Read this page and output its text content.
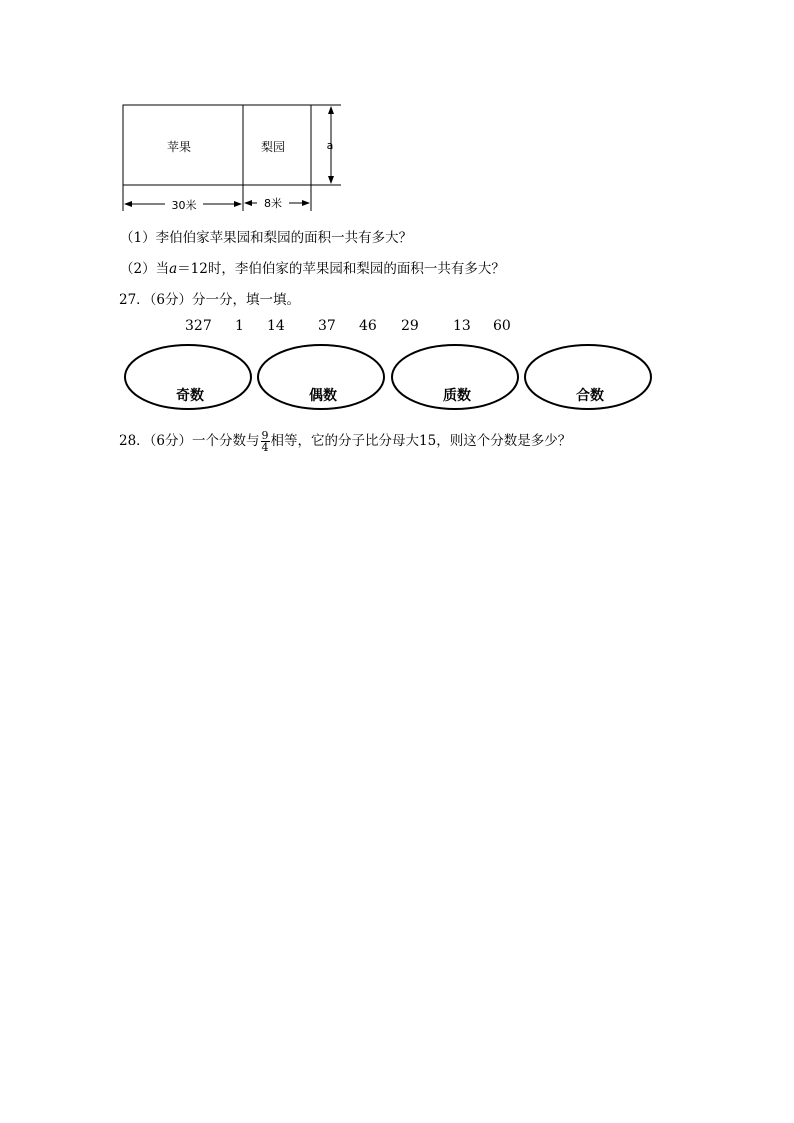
苹果	梨园	a
30米	8米
（1）李伯伯家苹果园和梨园的面积一共有多大？
（2）当a＝12时，李伯伯家的苹果园和梨园的面积一共有多大？
27．（6分）分一分，填一填。
327 1 14 37 46 29 13 60
奇数	偶数	质数	合数
28．（6分）一个分数与 $\frac{9}{4}$ 相等，它的分子比分母大15，则这个分数是多少？
